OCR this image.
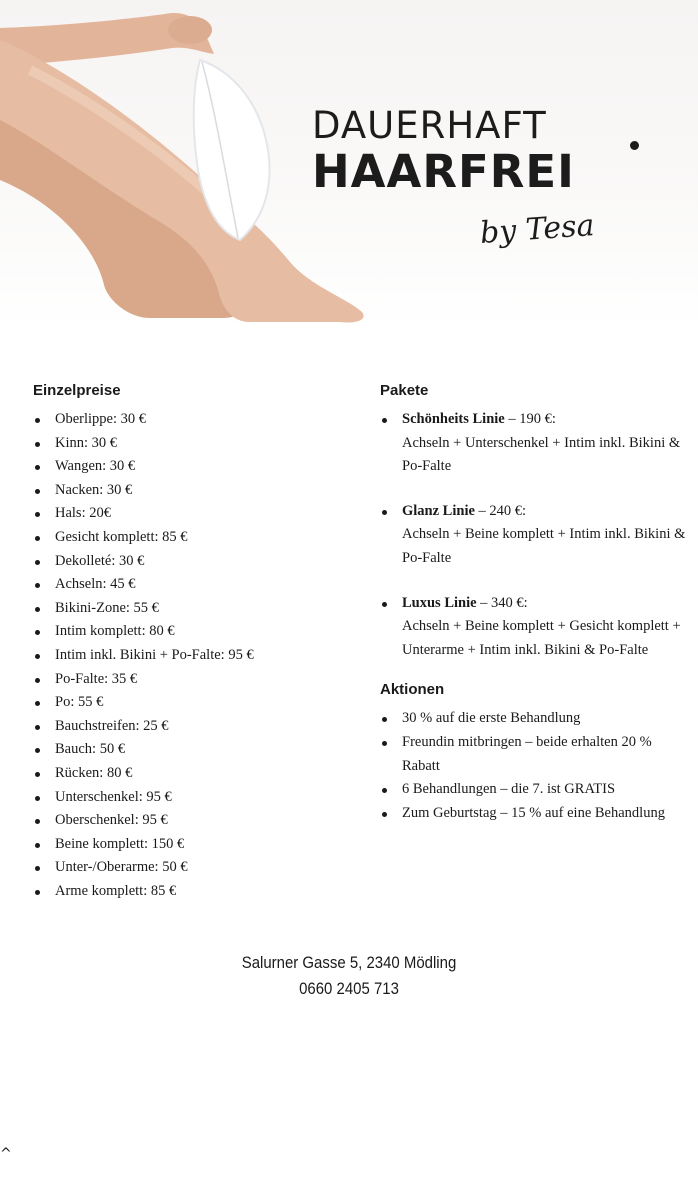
DAUERHAFT
HAARFREI
by Tesa
Einzelpreise
Oberlippe: 30 €
Kinn: 30 €
Wangen: 30 €
Nacken: 30 €
Hals: 20€
Gesicht komplett: 85 €
Dekolleté: 30 €
Achseln: 45 €
Bikini-Zone: 55 €
Intim komplett: 80 €
Intim inkl. Bikini + Po-Falte: 95 €
Po-Falte: 35 €
Po: 55 €
Bauchstreifen: 25 €
Bauch: 50 €
Rücken: 80 €
Unterschenkel: 95 €
Oberschenkel: 95 €
Beine komplett: 150 €
Unter-/Oberarme: 50 €
Arme komplett: 85 €
Pakete
Schönheits Linie – 190 €:
Achseln + Unterschenkel + Intim inkl. Bikini & Po-Falte
Glanz Linie – 240 €:
Achseln + Beine komplett + Intim inkl. Bikini & Po-Falte
Luxus Linie – 340 €:
Achseln + Beine komplett + Gesicht komplett + Unterarme + Intim inkl. Bikini & Po-Falte
Aktionen
30 % auf die erste Behandlung
Freundin mitbringen – beide erhalten 20 % Rabatt
6 Behandlungen – die 7. ist GRATIS
Zum Geburtstag – 15 % auf eine Behandlung
Salurner Gasse 5, 2340 Mödling
0660 2405 713
^
